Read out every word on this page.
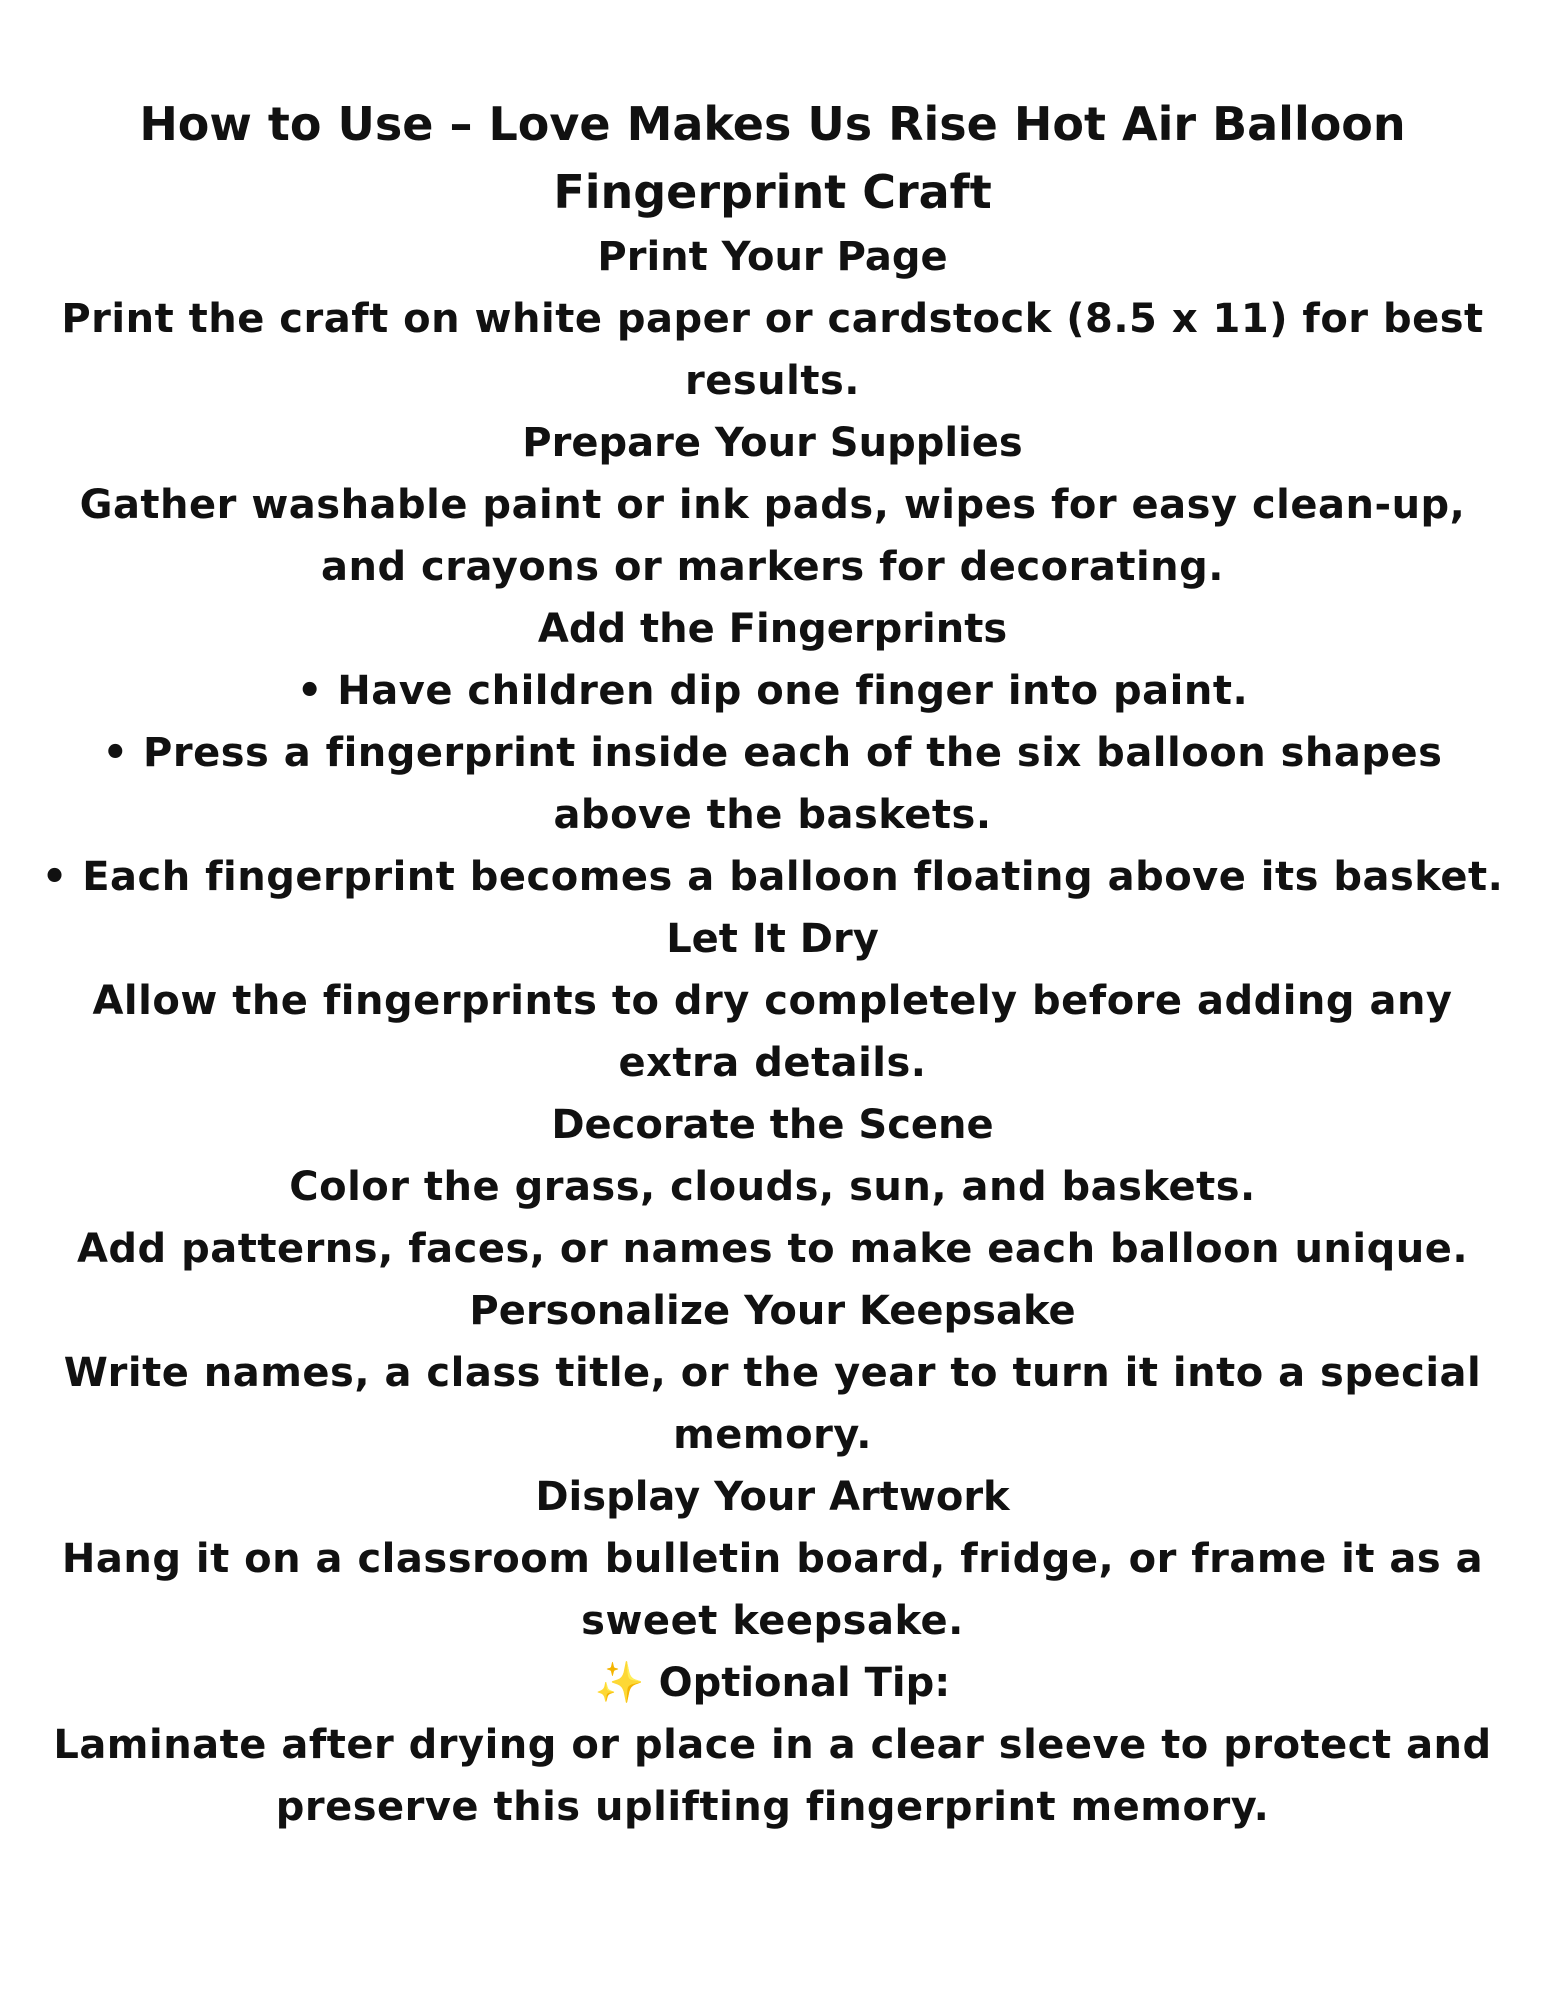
How to Use – Love Makes Us Rise Hot Air Balloon Fingerprint Craft
Print Your Page
Print the craft on white paper or cardstock (8.5 x 11) for best results.
Prepare Your Supplies
Gather washable paint or ink pads, wipes for easy clean-up, and crayons or markers for decorating.
Add the Fingerprints
• Have children dip one finger into paint.
• Press a fingerprint inside each of the six balloon shapes above the baskets.
• Each fingerprint becomes a balloon floating above its basket.
Let It Dry
Allow the fingerprints to dry completely before adding any extra details.
Decorate the Scene
Color the grass, clouds, sun, and baskets.
Add patterns, faces, or names to make each balloon unique.
Personalize Your Keepsake
Write names, a class title, or the year to turn it into a special memory.
Display Your Artwork
Hang it on a classroom bulletin board, fridge, or frame it as a sweet keepsake.
✨ Optional Tip:
Laminate after drying or place in a clear sleeve to protect and preserve this uplifting fingerprint memory.
